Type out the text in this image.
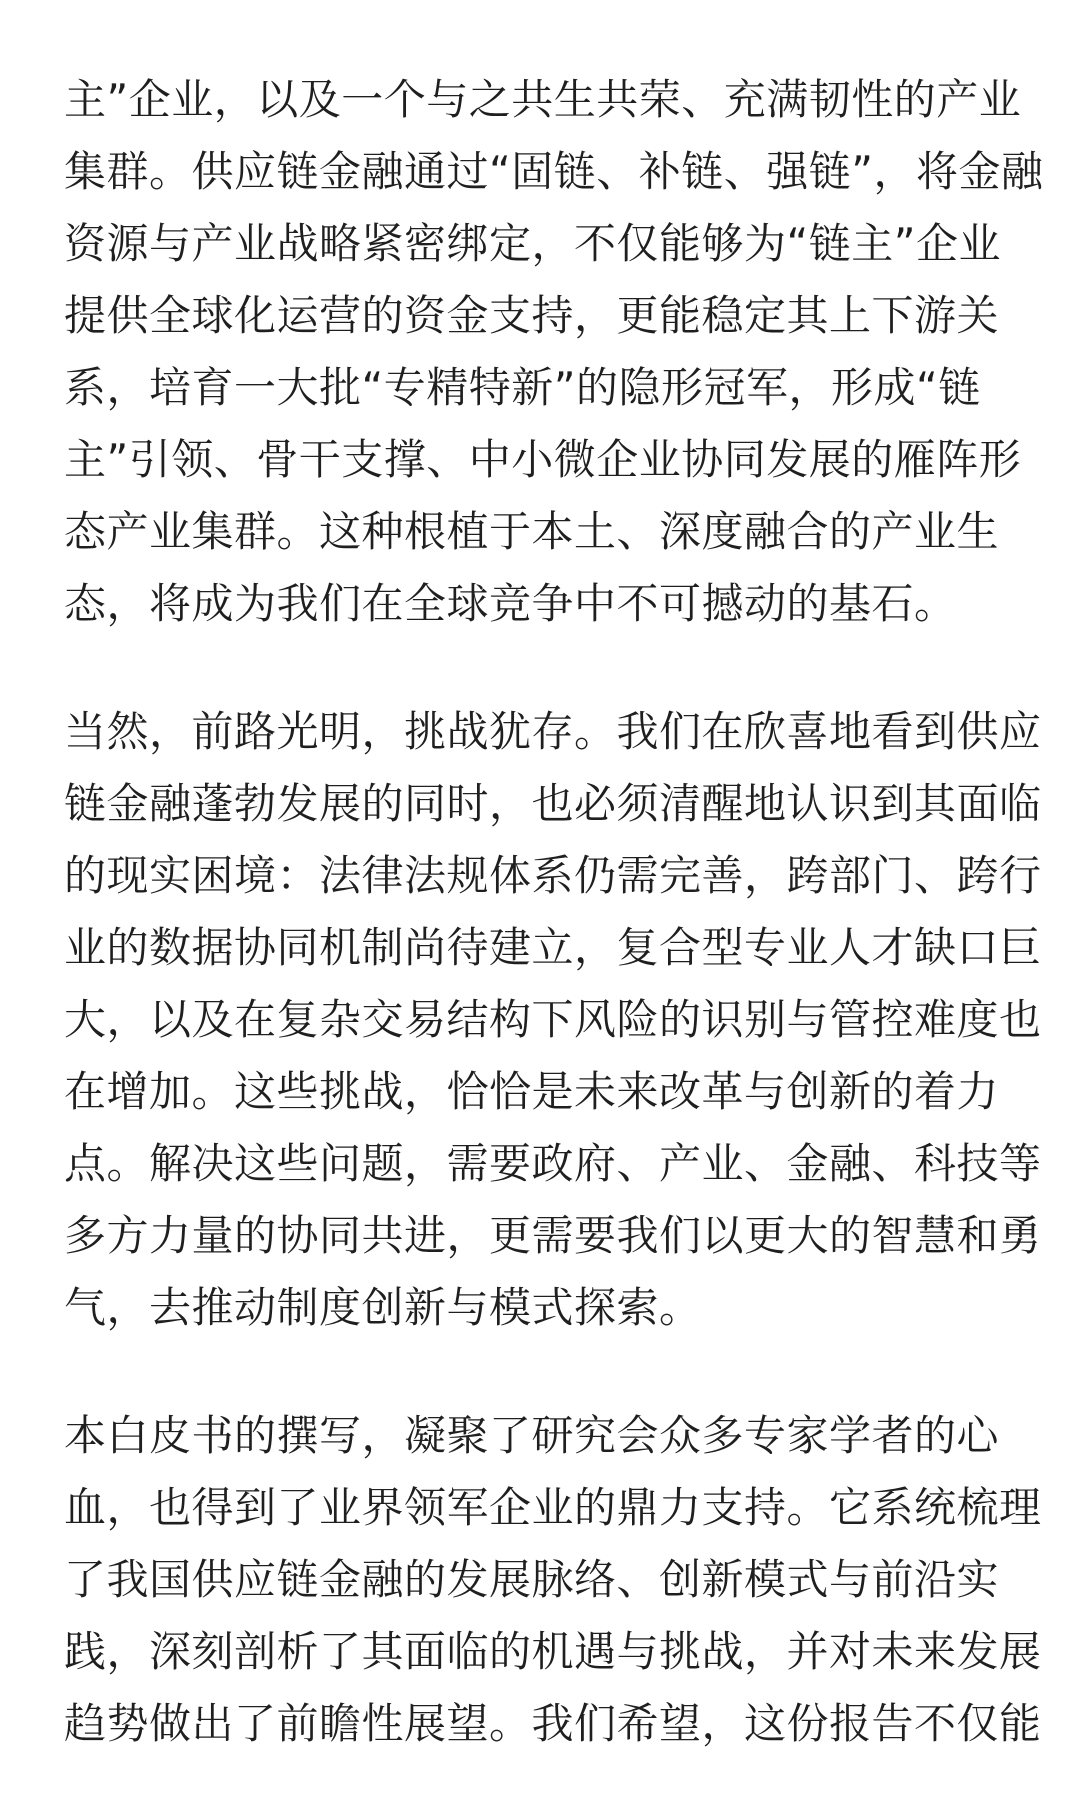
主”企业，以及一个与之共生共荣、充满韧性的产业
集群。供应链金融通过“固链、补链、强链”，将金融
资源与产业战略紧密绑定，不仅能够为“链主”企业
提供全球化运营的资金支持，更能稳定其上下游关
系，培育一大批“专精特新”的隐形冠军，形成“链
主”引领、骨干支撑、中小微企业协同发展的雁阵形
态产业集群。这种根植于本土、深度融合的产业生
态，将成为我们在全球竞争中不可撼动的基石。
当然，前路光明，挑战犹存。我们在欣喜地看到供应
链金融蓬勃发展的同时，也必须清醒地认识到其面临
的现实困境：法律法规体系仍需完善，跨部门、跨行
业的数据协同机制尚待建立，复合型专业人才缺口巨
大，以及在复杂交易结构下风险的识别与管控难度也
在增加。这些挑战，恰恰是未来改革与创新的着力
点。解决这些问题，需要政府、产业、金融、科技等
多方力量的协同共进，更需要我们以更大的智慧和勇
气，去推动制度创新与模式探索。
本白皮书的撰写，凝聚了研究会众多专家学者的心
血，也得到了业界领军企业的鼎力支持。它系统梳理
了我国供应链金融的发展脉络、创新模式与前沿实
践，深刻剖析了其面临的机遇与挑战，并对未来发展
趋势做出了前瞻性展望。我们希望，这份报告不仅能
